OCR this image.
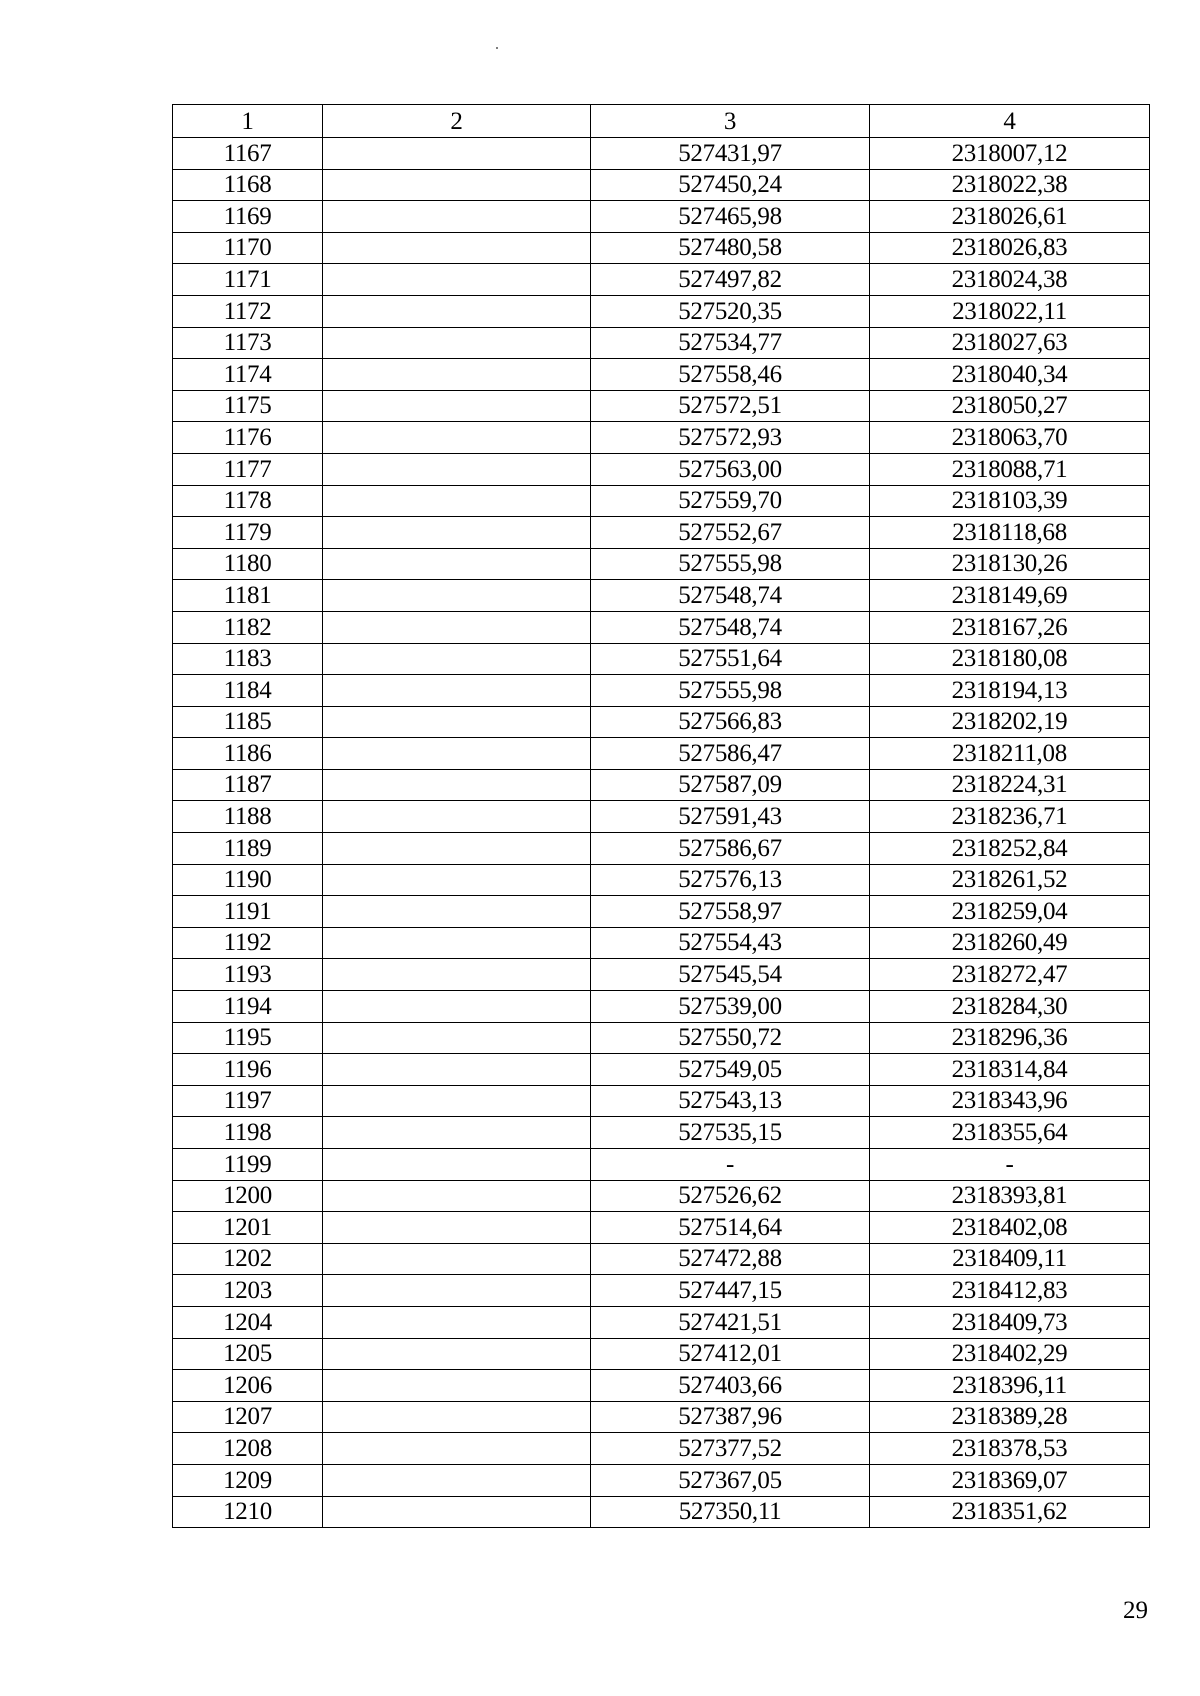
1	2	3	4
1167		527431,97	2318007,12
1168		527450,24	2318022,38
1169		527465,98	2318026,61
1170		527480,58	2318026,83
1171		527497,82	2318024,38
1172		527520,35	2318022,11
1173		527534,77	2318027,63
1174		527558,46	2318040,34
1175		527572,51	2318050,27
1176		527572,93	2318063,70
1177		527563,00	2318088,71
1178		527559,70	2318103,39
1179		527552,67	2318118,68
1180		527555,98	2318130,26
1181		527548,74	2318149,69
1182		527548,74	2318167,26
1183		527551,64	2318180,08
1184		527555,98	2318194,13
1185		527566,83	2318202,19
1186		527586,47	2318211,08
1187		527587,09	2318224,31
1188		527591,43	2318236,71
1189		527586,67	2318252,84
1190		527576,13	2318261,52
1191		527558,97	2318259,04
1192		527554,43	2318260,49
1193		527545,54	2318272,47
1194		527539,00	2318284,30
1195		527550,72	2318296,36
1196		527549,05	2318314,84
1197		527543,13	2318343,96
1198		527535,15	2318355,64
1199		-	-
1200		527526,62	2318393,81
1201		527514,64	2318402,08
1202		527472,88	2318409,11
1203		527447,15	2318412,83
1204		527421,51	2318409,73
1205		527412,01	2318402,29
1206		527403,66	2318396,11
1207		527387,96	2318389,28
1208		527377,52	2318378,53
1209		527367,05	2318369,07
1210		527350,11	2318351,62
29
